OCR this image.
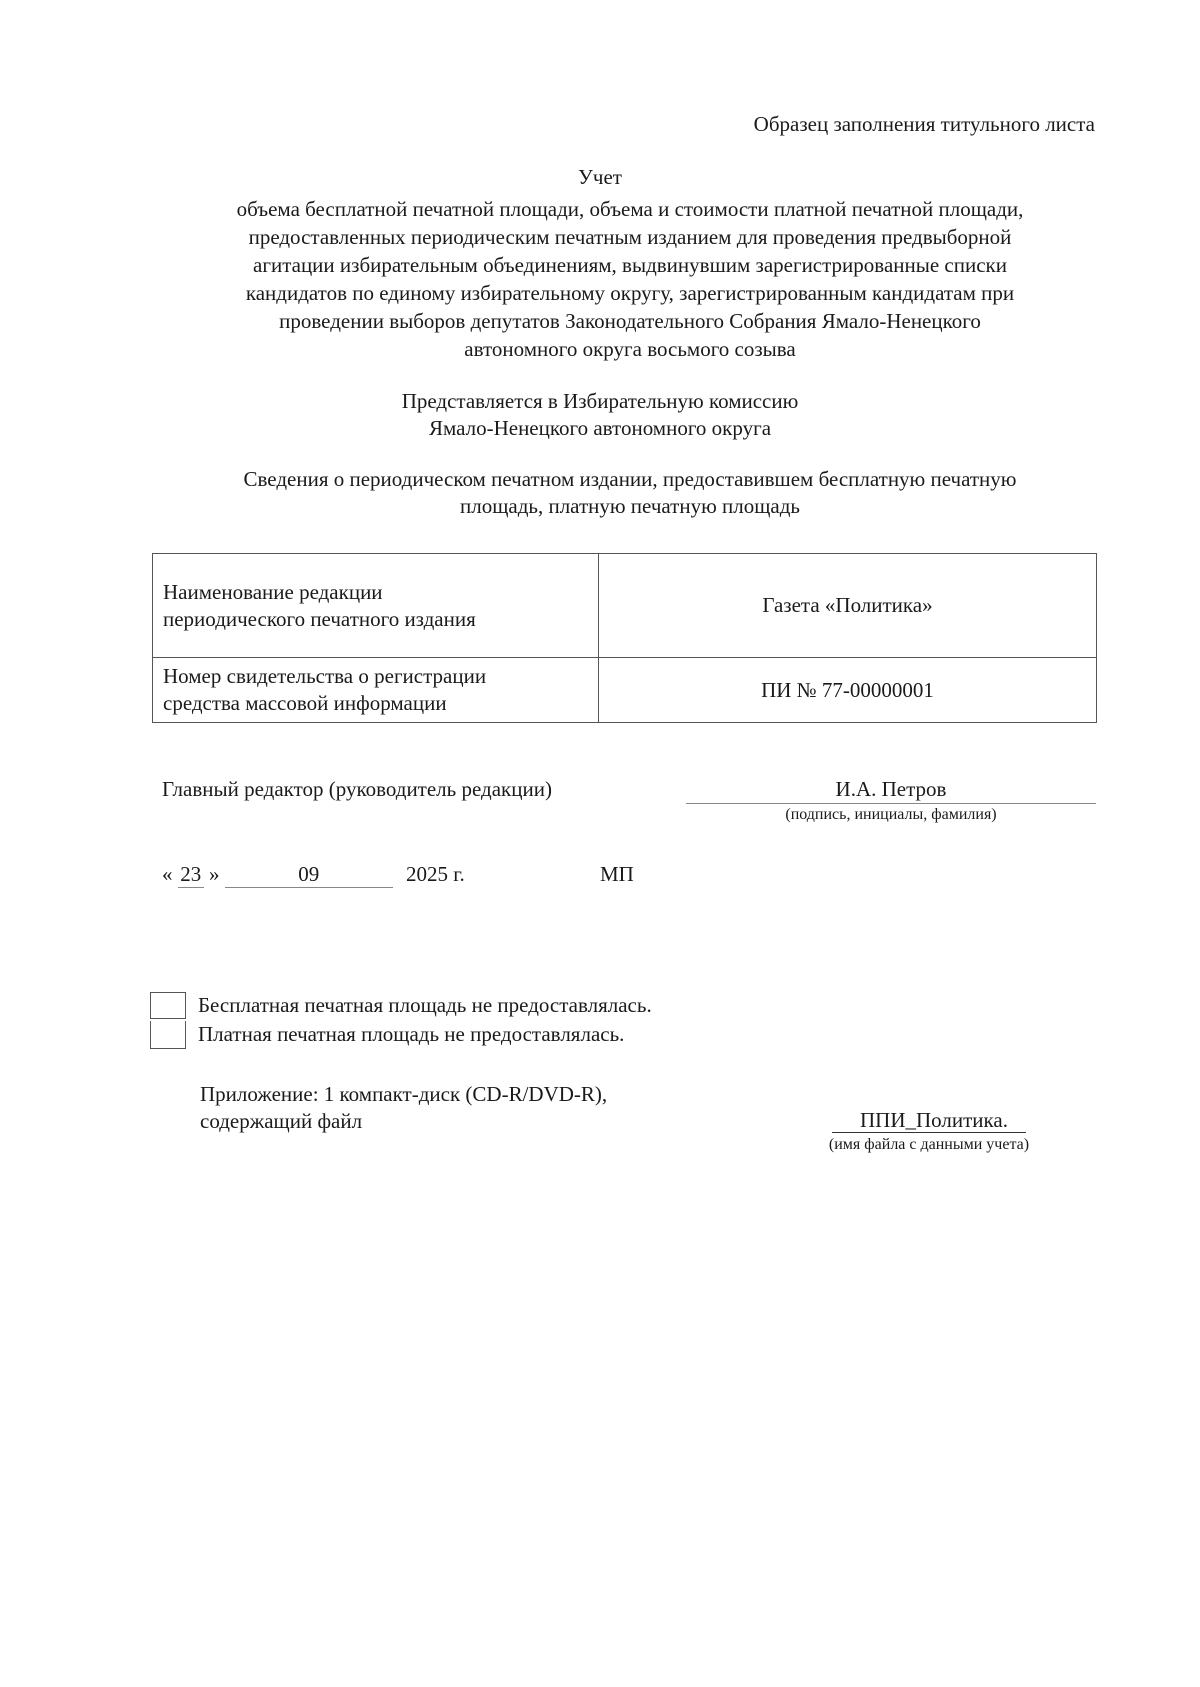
Образец заполнения титульного листа
Учет
объема бесплатной печатной площади, объема и стоимости платной печатной площади,
предоставленных периодическим печатным изданием для проведения предвыборной
агитации избирательным объединениям, выдвинувшим зарегистрированные списки
кандидатов по единому избирательному округу, зарегистрированным кандидатам при
проведении выборов депутатов Законодательного Собрания Ямало-Ненецкого
автономного округа восьмого созыва
Представляется в Избирательную комиссию
Ямало-Ненецкого автономного округа
Сведения о периодическом печатном издании, предоставившем бесплатную печатную
площадь, платную печатную площадь
Наименование редакции
периодического печатного издания	Газета «Политика»

Номер свидетельства о регистрации
средства массовой информации	ПИ № 77-00000001
Главный редактор (руководитель редакции)	И.А. Петров
(подпись, инициалы, фамилия)
« 23 »	09	2025 г.	МП
Бесплатная печатная площадь не предоставлялась.
Платная печатная площадь не предоставлялась.
Приложение: 1 компакт-диск (CD-R/DVD-R),
содержащий файл	ППИ_Политика.
(имя файла с данными учета)
